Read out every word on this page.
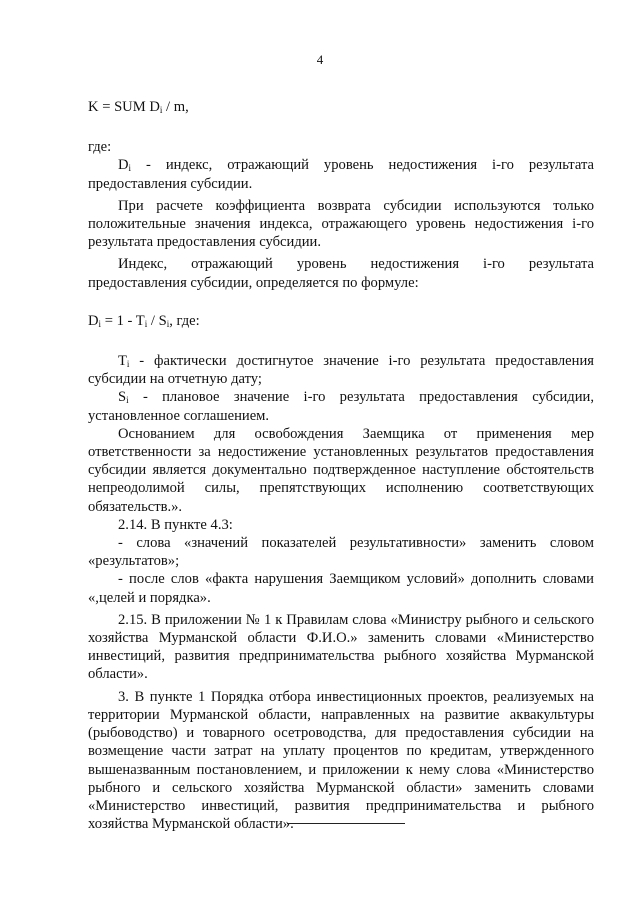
4

K = SUM $D_i$ / m,

где:

$D_i$ - индекс, отражающий уровень недостижения i-го результата предоставления субсидии.

При расчете коэффициента возврата субсидии используются только положительные значения индекса, отражающего уровень недостижения i-го результата предоставления субсидии.

Индекс, отражающий уровень недостижения i-го результата предоставления субсидии, определяется по формуле:

$D_i = 1 - T_i / S_i$, где:

$T_i$ - фактически достигнутое значение i-го результата предоставления субсидии на отчетную дату;

$S_i$ - плановое значение i-го результата предоставления субсидии, установленное соглашением.

Основанием для освобождения Заемщика от применения мер ответственности за недостижение установленных результатов предоставления субсидии является документально подтвержденное наступление обстоятельств непреодолимой силы, препятствующих исполнению соответствующих обязательств.».

2.14. В пункте 4.3:

- слова «значений показателей результативности» заменить словом «результатов»;

- после слов «факта нарушения Заемщиком условий» дополнить словами «,целей и порядка».

2.15. В приложении № 1 к Правилам слова «Министру рыбного и сельского хозяйства Мурманской области Ф.И.О.» заменить словами «Министерство инвестиций, развития предпринимательства рыбного хозяйства Мурманской области».

3. В пункте 1 Порядка отбора инвестиционных проектов, реализуемых на территории Мурманской области, направленных на развитие аквакультуры (рыбоводство) и товарного осетроводства, для предоставления субсидии на возмещение части затрат на уплату процентов по кредитам, утвержденного вышеназванным постановлением, и приложении к нему слова «Министерство рыбного и сельского хозяйства Мурманской области» заменить словами «Министерство инвестиций, развития предпринимательства и рыбного хозяйства Мурманской области».
